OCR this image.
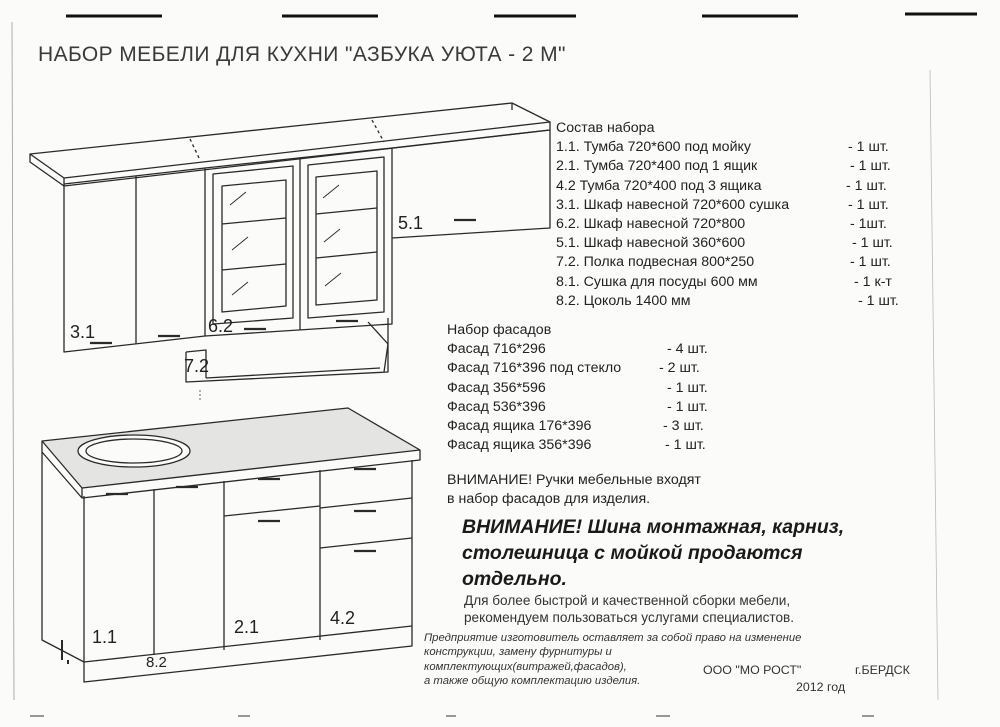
3.1	6.2
5.1
7.2
1.1	2.1	4.2
8.2
НАБОР МЕБЕЛИ ДЛЯ КУХНИ "АЗБУКА УЮТА - 2 М"
Состав набора
1.1. Тумба 720*600 под мойку	- 1 шт.
2.1. Тумба 720*400 под 1 ящик	- 1 шт.
4.2 Тумба 720*400 под 3 ящика	- 1 шт.
3.1. Шкаф навесной 720*600 сушка	- 1 шт.
6.2. Шкаф навесной 720*800	- 1шт.
5.1. Шкаф навесной 360*600	- 1 шт.
7.2. Полка подвесная 800*250	- 1 шт.
8.1. Сушка для посуды 600 мм	- 1 к-т
8.2. Цоколь 1400 мм	- 1 шт.
Набор фасадов
Фасад 716*296	- 4 шт.
Фасад 716*396 под стекло	- 2 шт.
Фасад 356*596	- 1 шт.
Фасад 536*396	- 1 шт.
Фасад ящика 176*396	- 3 шт.
Фасад ящика 356*396	- 1 шт.
ВНИМАНИЕ! Ручки мебельные входят
в набор фасадов для изделия.
ВНИМАНИЕ! Шина монтажная, карниз,
столешница с мойкой продаются
отдельно.
Для более быстрой и качественной сборки мебели,
рекомендуем пользоваться услугами специалистов.
Предприятие изготовитель оставляет за собой право на изменение
конструкции, замену фурнитуры и
комплектующих(витражей,фасадов),
а также общую комплектацию изделия.
ООО "МО РОСТ"	г.БЕРДСК
2012 год
